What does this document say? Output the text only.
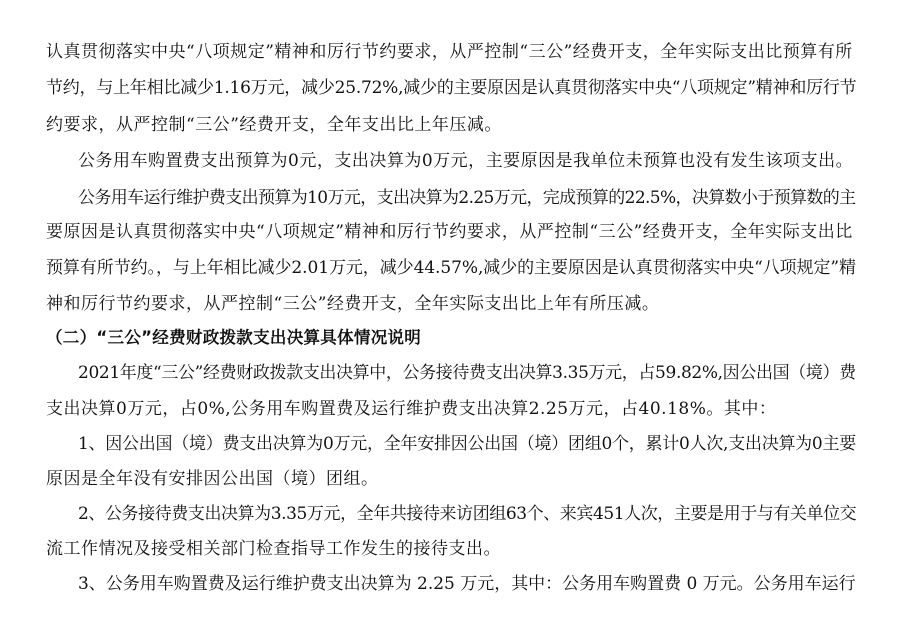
认真贯彻落实中央“八项规定”精神和厉行节约要求，从严控制“三公”经费开支，全年实际支出比预算有所
节约，与上年相比减少1.16万元，减少25.72%,减少的主要原因是认真贯彻落实中央“八项规定”精神和厉行节
约要求，从严控制“三公”经费开支，全年支出比上年压减。
公务用车购置费支出预算为0元，支出决算为0万元，主要原因是我单位未预算也没有发生该项支出。
公务用车运行维护费支出预算为10万元，支出决算为2.25万元，完成预算的22.5%，决算数小于预算数的主
要原因是认真贯彻落实中央“八项规定”精神和厉行节约要求，从严控制“三公”经费开支，全年实际支出比
预算有所节约。，与上年相比减少2.01万元，减少44.57%,减少的主要原因是认真贯彻落实中央“八项规定”精
神和厉行节约要求，从严控制“三公”经费开支，全年实际支出比上年有所压减。
（二）“三公”经费财政拨款支出决算具体情况说明
2021年度“三公”经费财政拨款支出决算中，公务接待费支出决算3.35万元，占59.82%,因公出国（境）费
支出决算0万元，占0%,公务用车购置费及运行维护费支出决算2.25万元，占40.18%。其中：
1、因公出国（境）费支出决算为0万元，全年安排因公出国（境）团组0个，累计0人次,支出决算为0主要
原因是全年没有安排因公出国（境）团组。
2、公务接待费支出决算为3.35万元，全年共接待来访团组63个、来宾451人次，主要是用于与有关单位交
流工作情况及接受相关部门检查指导工作发生的接待支出。
3、公务用车购置费及运行维护费支出决算为 2.25 万元，其中：公务用车购置费 0 万元。公务用车运行
